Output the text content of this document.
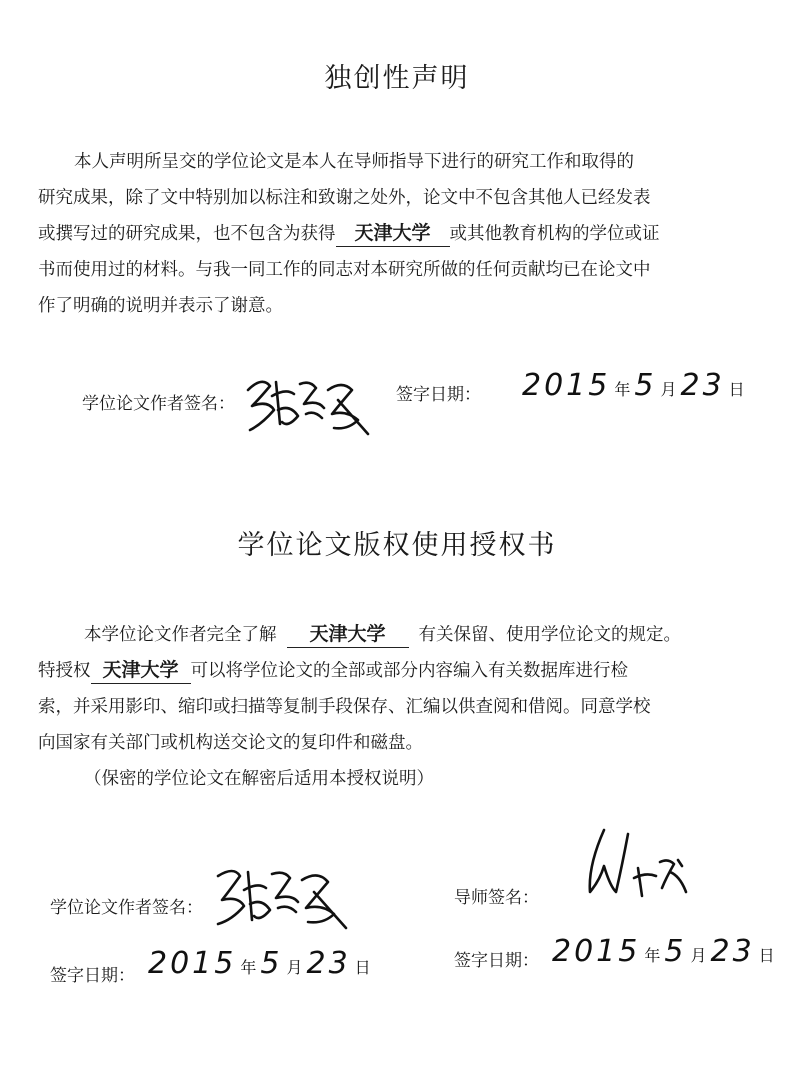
独创性声明
本人声明所呈交的学位论文是本人在导师指导下进行的研究工作和取得的
研究成果，除了文中特别加以标注和致谢之处外，论文中不包含其他人已经发表
或撰写过的研究成果，也不包含为获得 天津大学 或其他教育机构的学位或证
书而使用过的材料。与我一同工作的同志对本研究所做的任何贡献均已在论文中
作了明确的说明并表示了谢意。
学位论文作者签名：	签字日期： 2015 年 5 月 23 日
学位论文版权使用授权书
本学位论文作者完全了解 天津大学 有关保留、使用学位论文的规定。
特授权 天津大学 可以将学位论文的全部或部分内容编入有关数据库进行检
索，并采用影印、缩印或扫描等复制手段保存、汇编以供查阅和借阅。同意学校
向国家有关部门或机构送交论文的复印件和磁盘。
（保密的学位论文在解密后适用本授权说明）
学位论文作者签名：	导师签名：
签字日期： 2015 年 5 月 23 日	签字日期： 2015 年 5 月 23 日
